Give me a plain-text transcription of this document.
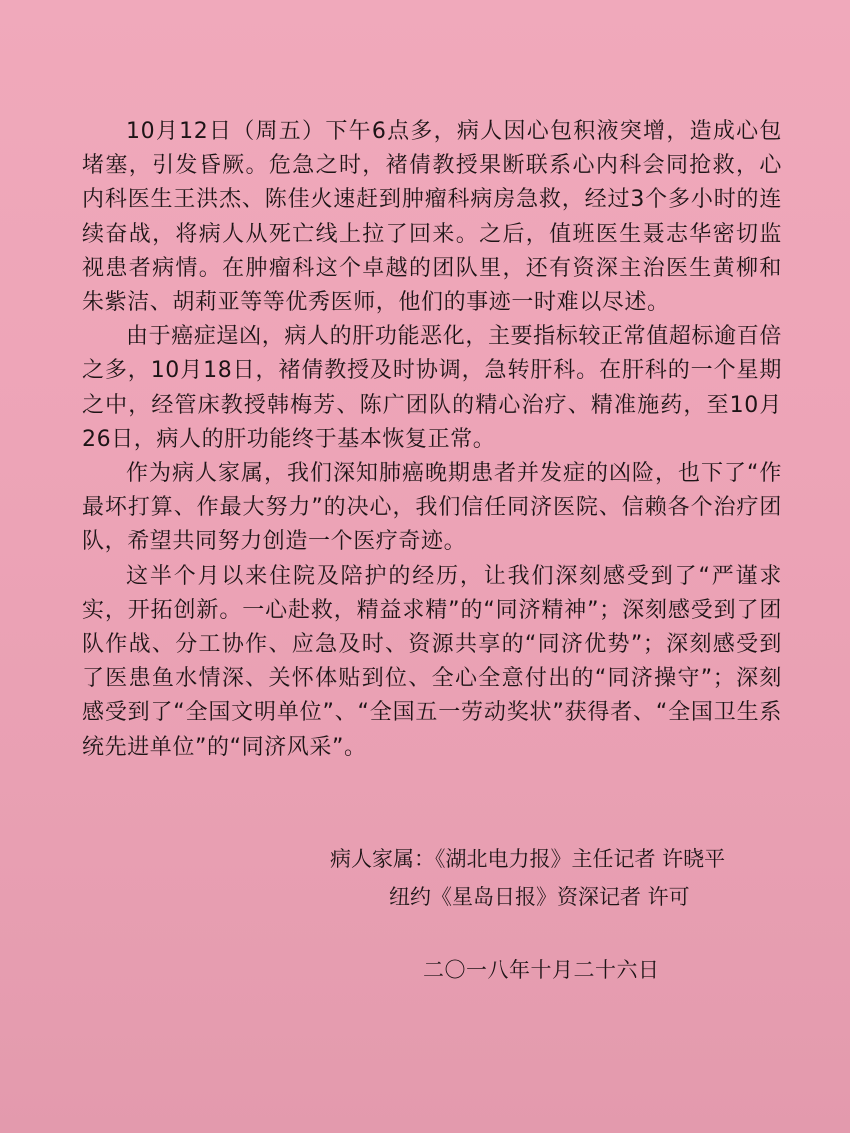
10月12日（周五）下午6点多，病人因心包积液突增，造成心包堵塞，引发昏厥。危急之时，褚倩教授果断联系心内科会同抢救，心内科医生王洪杰、陈佳火速赶到肿瘤科病房急救，经过3个多小时的连续奋战，将病人从死亡线上拉了回来。之后，值班医生聂志华密切监视患者病情。在肿瘤科这个卓越的团队里，还有资深主治医生黄柳和朱紫洁、胡莉亚等等优秀医师，他们的事迹一时难以尽述。

由于癌症逞凶，病人的肝功能恶化，主要指标较正常值超标逾百倍之多，10月18日，褚倩教授及时协调，急转肝科。在肝科的一个星期之中，经管床教授韩梅芳、陈广团队的精心治疗、精准施药，至10月26日，病人的肝功能终于基本恢复正常。

作为病人家属，我们深知肺癌晚期患者并发症的凶险，也下了“作最坏打算、作最大努力”的决心，我们信任同济医院、信赖各个治疗团队，希望共同努力创造一个医疗奇迹。

这半个月以来住院及陪护的经历，让我们深刻感受到了“严谨求实，开拓创新。一心赴救，精益求精”的“同济精神”；深刻感受到了团队作战、分工协作、应急及时、资源共享的“同济优势”；深刻感受到了医患鱼水情深、关怀体贴到位、全心全意付出的“同济操守”；深刻感受到了“全国文明单位”、“全国五一劳动奖状”获得者、“全国卫生系统先进单位”的“同济风采”。

病人家属：《湖北电力报》主任记者 许晓平
纽约《星岛日报》资深记者 许可
二〇一八年十月二十六日
